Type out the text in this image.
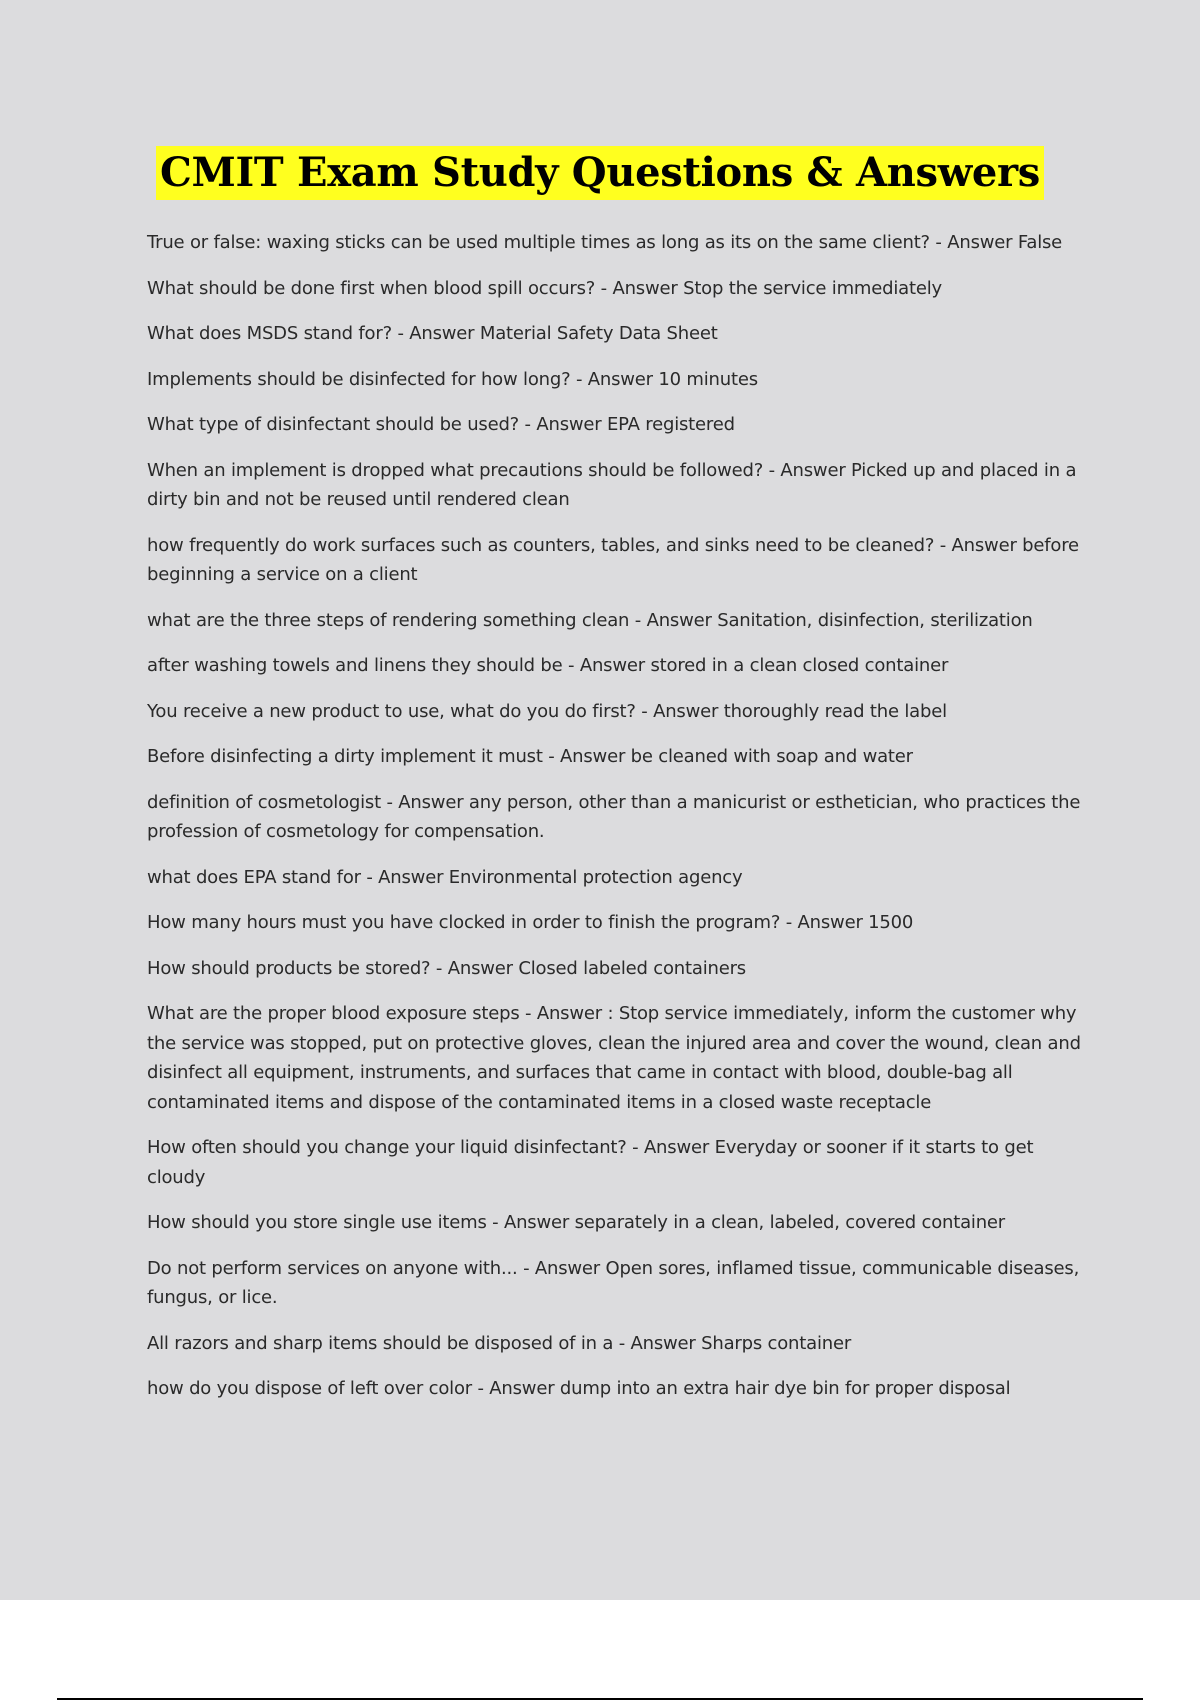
CMIT Exam Study Questions & Answers
True or false: waxing sticks can be used multiple times as long as its on the same client? - Answer False
What should be done first when blood spill occurs? - Answer Stop the service immediately
What does MSDS stand for? - Answer Material Safety Data Sheet
Implements should be disinfected for how long? - Answer 10 minutes
What type of disinfectant should be used? - Answer EPA registered
When an implement is dropped what precautions should be followed? - Answer Picked up and placed in a dirty bin and not be reused until rendered clean
how frequently do work surfaces such as counters, tables, and sinks need to be cleaned? - Answer before beginning a service on a client
what are the three steps of rendering something clean - Answer Sanitation, disinfection, sterilization
after washing towels and linens they should be - Answer stored in a clean closed container
You receive a new product to use, what do you do first? - Answer thoroughly read the label
Before disinfecting a dirty implement it must - Answer be cleaned with soap and water
definition of cosmetologist - Answer any person, other than a manicurist or esthetician, who practices the profession of cosmetology for compensation.
what does EPA stand for - Answer Environmental protection agency
How many hours must you have clocked in order to finish the program? - Answer 1500
How should products be stored? - Answer Closed labeled containers
What are the proper blood exposure steps - Answer : Stop service immediately, inform the customer why the service was stopped, put on protective gloves, clean the injured area and cover the wound, clean and disinfect all equipment, instruments, and surfaces that came in contact with blood, double-bag all contaminated items and dispose of the contaminated items in a closed waste receptacle
How often should you change your liquid disinfectant? - Answer Everyday or sooner if it starts to get cloudy
How should you store single use items - Answer separately in a clean, labeled, covered container
Do not perform services on anyone with... - Answer Open sores, inflamed tissue, communicable diseases, fungus, or lice.
All razors and sharp items should be disposed of in a - Answer Sharps container
how do you dispose of left over color - Answer dump into an extra hair dye bin for proper disposal
